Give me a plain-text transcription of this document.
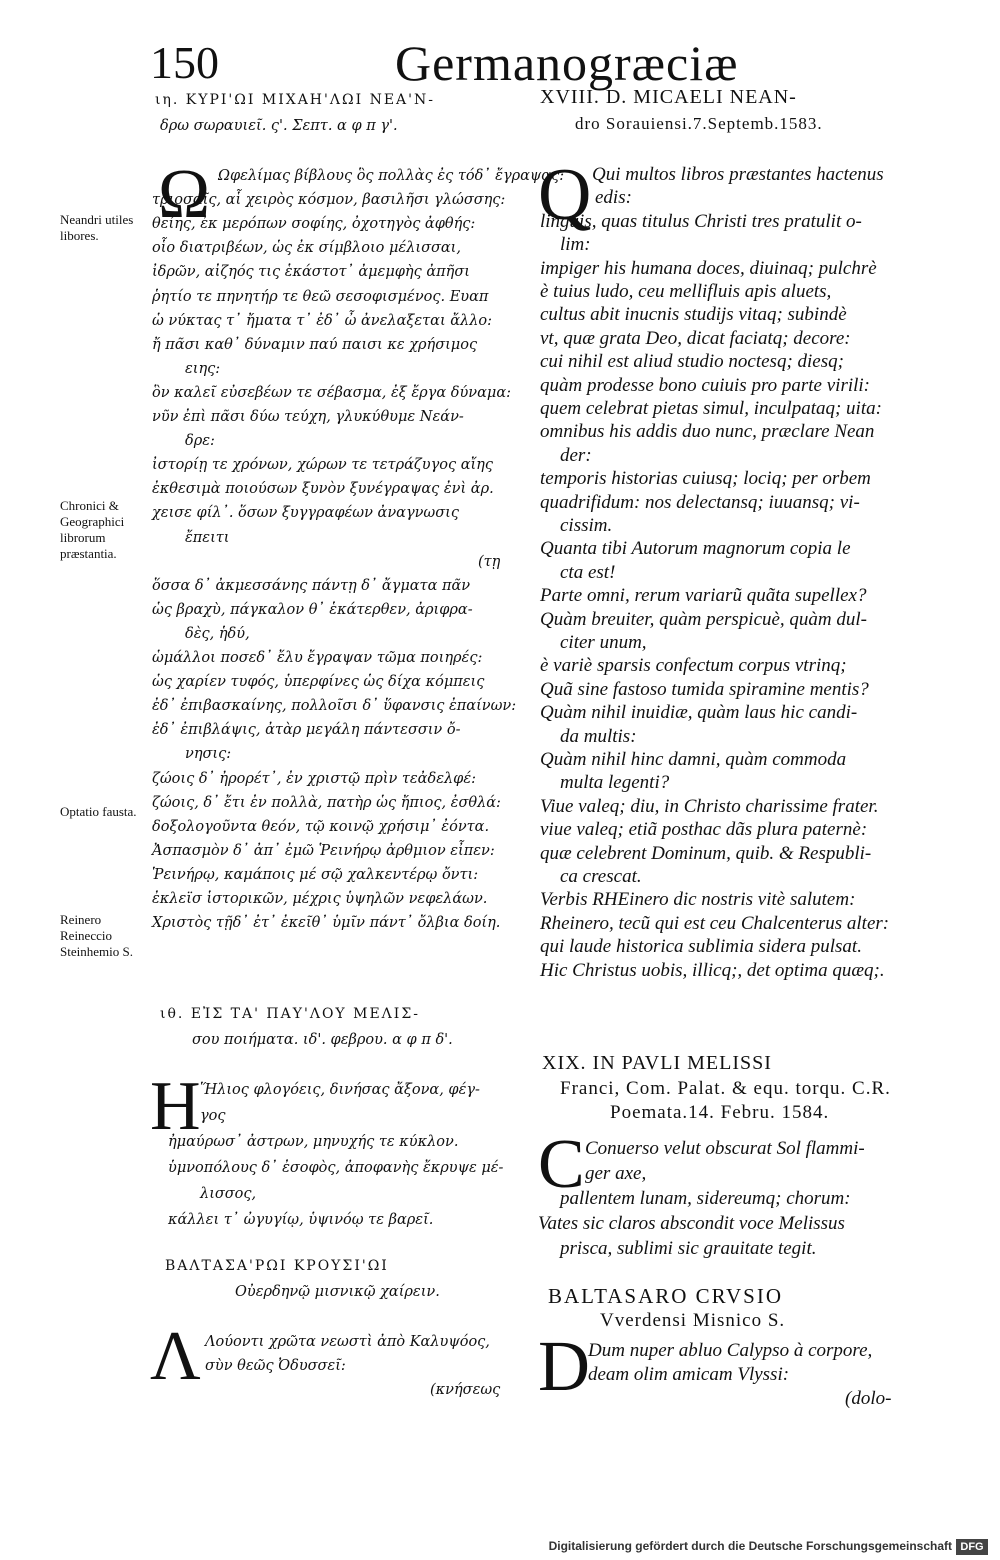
150	Germanogræciæ
ιη. ΚΥΡΙ'ΩΙ ΜΙΧΑΗ'ΛΩΙ ΝΕΑ'Ν-
δρω σωραυιεῖ. ς'. Σεπτ. α φ π γ'.
Ω Ωφελίμας βίβλους ὃς πολλὰς ἐς τόδ᾽ ἔγραψας:
τριοσαῖς, αἷ χειρὸς κόσμον, βασιλῆσι γλώσσης:
θείης, ἐκ μερόπων σοφίης, ὀχοτηγὸς ἀφθής:
οἷο διατριβέων, ὡς ἐκ σίμβλοιο μέλισσαι,
ἰδρῶν, αἰζηός τις ἑκάστοτ᾽ ἀμεμφὴς ἀπῆσι
ῥητίο τε πηνητήρ τε θεῶ σεσοφισμένος. Ευαπ
ὡ νύκτας τ᾽ ἤματα τ᾽ ἐδ᾽ ὦ ἀνελαξεται ἄλλο:
ἤ πᾶσι καθ᾽ δύναμιν παύ παισι κε χρήσιμος
ειης:
ὃν καλεῖ εὐσεβέων τε σέβασμα, ἐξ ἔργα δύναμα:
νῦν ἐπὶ πᾶσι δύω τεύχη, γλυκύθυμε Νεάν-
δρε:
ἰστορίῃ τε χρόνων, χώρων τε τετράζυγος αἴης
ἐκθεσιμὰ ποιούσων ξυνὸν ξυνέγραψας ἐνὶ ἀρ.
χεισε φίλ᾽. ὅσων ξυγγραφέων ἀναγνωσις
ἔπειτι
(τῃ
ὅσσα δ᾽ ἀκμεσσάνης πάντῃ δ᾽ ἄγματα πᾶν
ὡς βραχὺ, πάγκαλον θ᾽ ἑκάτερθεν, ἀριφρα-
δὲς, ἡδύ,
ὡμάλλοι ποσεδ᾽ ἔλυ ἔγραψαν τῶμα ποιηρές:
ὡς χαρίεν τυφός, ὑπερφίνες ὡς δίχα κόμπεις
ἐδ᾽ ἐπιβασκαίνης, πολλοῖσι δ᾽ ὕφανσις ἐπαίνων:
ἐδ᾽ ἐπιβλάψις, ἀτὰρ μεγάλη πάντεσσιν ὄ-
νησις:
ζώοις δ᾽ ἠρορέτ᾽, ἐν χριστῷ πρὶν τεἀδελφέ:
ζώοις, δ᾽ ἔτι ἐν πολλὰ, πατὴρ ὡς ἤπιος, ἐσθλά:
δοξολογοῦντα θεόν, τῷ κοινῷ χρήσιμ᾽ ἐόντα.
Ἀσπασμὸν δ᾽ ἀπ᾽ ἐμῶ Ῥεινήρῳ ἀρθμιον εἶπεν:
Ῥεινήρῳ, καμάποις μέ σῷ χαλκεντέρῳ ὄντι:
ἐκλεϊσ ἱστορικῶν, μέχρις ὑψηλῶν νεφελάων.
Χριστὸς τῇδ᾽ ἐτ᾽ ἐκεῖθ᾽ ὑμῖν πάντ᾽ ὄλβια δοίη.
Neandri utiles libores.
Chronici & Geographici librorum præstantia.
Optatio fausta.
Reinero Reineccio Steinhemio S.
ιθ. ΕἸΣ ΤΑ' ΠΑΥ'ΛΟΥ ΜΕΛΙΣ-
σου ποιήματα. ιδ'. φεβρου. α φ π δ'.
Η Ἥλιος φλογόεις, δινήσας ἄξονα, φέγ-
γος
ἠμαύρωσ᾽ ἀστρων, μηνυχής τε κύκλον.
ὑμνοπόλους δ᾽ ἐσοφὸς, ἀποφανὴς ἔκρυψε μέ-
λισσος,
κάλλει τ᾽ ὠγυγίῳ, ὑψινόῳ τε βαρεῖ.
ΒΑΛΤΑΣΑ'ΡΩΙ ΚΡΟΥΣΙ'ΩΙ
Οὐερδηνῷ μισνικῷ χαίρειν.
Λ Λούοντι χρῶτα νεωστὶ ἀπὸ Καλυψόος,
σὺν θεῶς Ὀδυσσεῖ:
(κνήσεως
XVIII. D. MICAELI NEAN-
dro Sorauiensi.7.Septemb.1583.
Q Qui multos libros præstantes hactenus
edis:
linguis, quas titulus Christi tres pratulit o-
lim:
impiger his humana doces, diuinaq; pulchrè
è tuius ludo, ceu mellifluis apis aluets,
cultus abit inucnis studijs vitaq; subindè
vt, quæ grata Deo, dicat faciatq; decore:
cui nihil est aliud studio noctesq; diesq;
quàm prodesse bono cuiuis pro parte virili:
quem celebrat pietas simul, inculpataq; uita:
omnibus his addis duo nunc, præclare Nean
der:
temporis historias cuiusq; lociq; per orbem
quadrifidum: nos delectansq; iuuansq; vi-
cissim.
Quanta tibi Autorum magnorum copia le
cta est!
Parte omni, rerum variarũ quãta supellex?
Quàm breuiter, quàm perspicuè, quàm dul-
citer unum,
è variè sparsis confectum corpus vtrinq;
Quã sine fastoso tumida spiramine mentis?
Quàm nihil inuidiæ, quàm laus hic candi-
da multis:
Quàm nihil hinc damni, quàm commoda
multa legenti?
Viue valeq; diu, in Christo charissime frater.
viue valeq; etiã posthac dãs plura paternè:
quæ celebrent Dominum, quib. & Respubli-
ca crescat.
Verbis RHEinero dic nostris vitè salutem:
Rheinero, tecũ qui est ceu Chalcenterus alter:
qui laude historica sublimia sidera pulsat.
Hic Christus uobis, illicq;, det optima quæq;.
XIX. IN PAVLI MELISSI
Franci, Com. Palat. & equ. torqu. C.R.
Poemata.14. Febru. 1584.
C Conuerso velut obscurat Sol flammi-
ger axe,
pallentem lunam, sidereumq; chorum:
Vates sic claros abscondit voce Melissus
prisca, sublimi sic grauitate tegit.
BALTASARO CRVSIO
Vverdensi Misnico S.
D
Dum nuper abluo Calypso à corpore,
deam olim amicam Vlyssi:
(dolo-
Digitalisierung gefördert durch die Deutsche Forschungsgemeinschaft DFG
